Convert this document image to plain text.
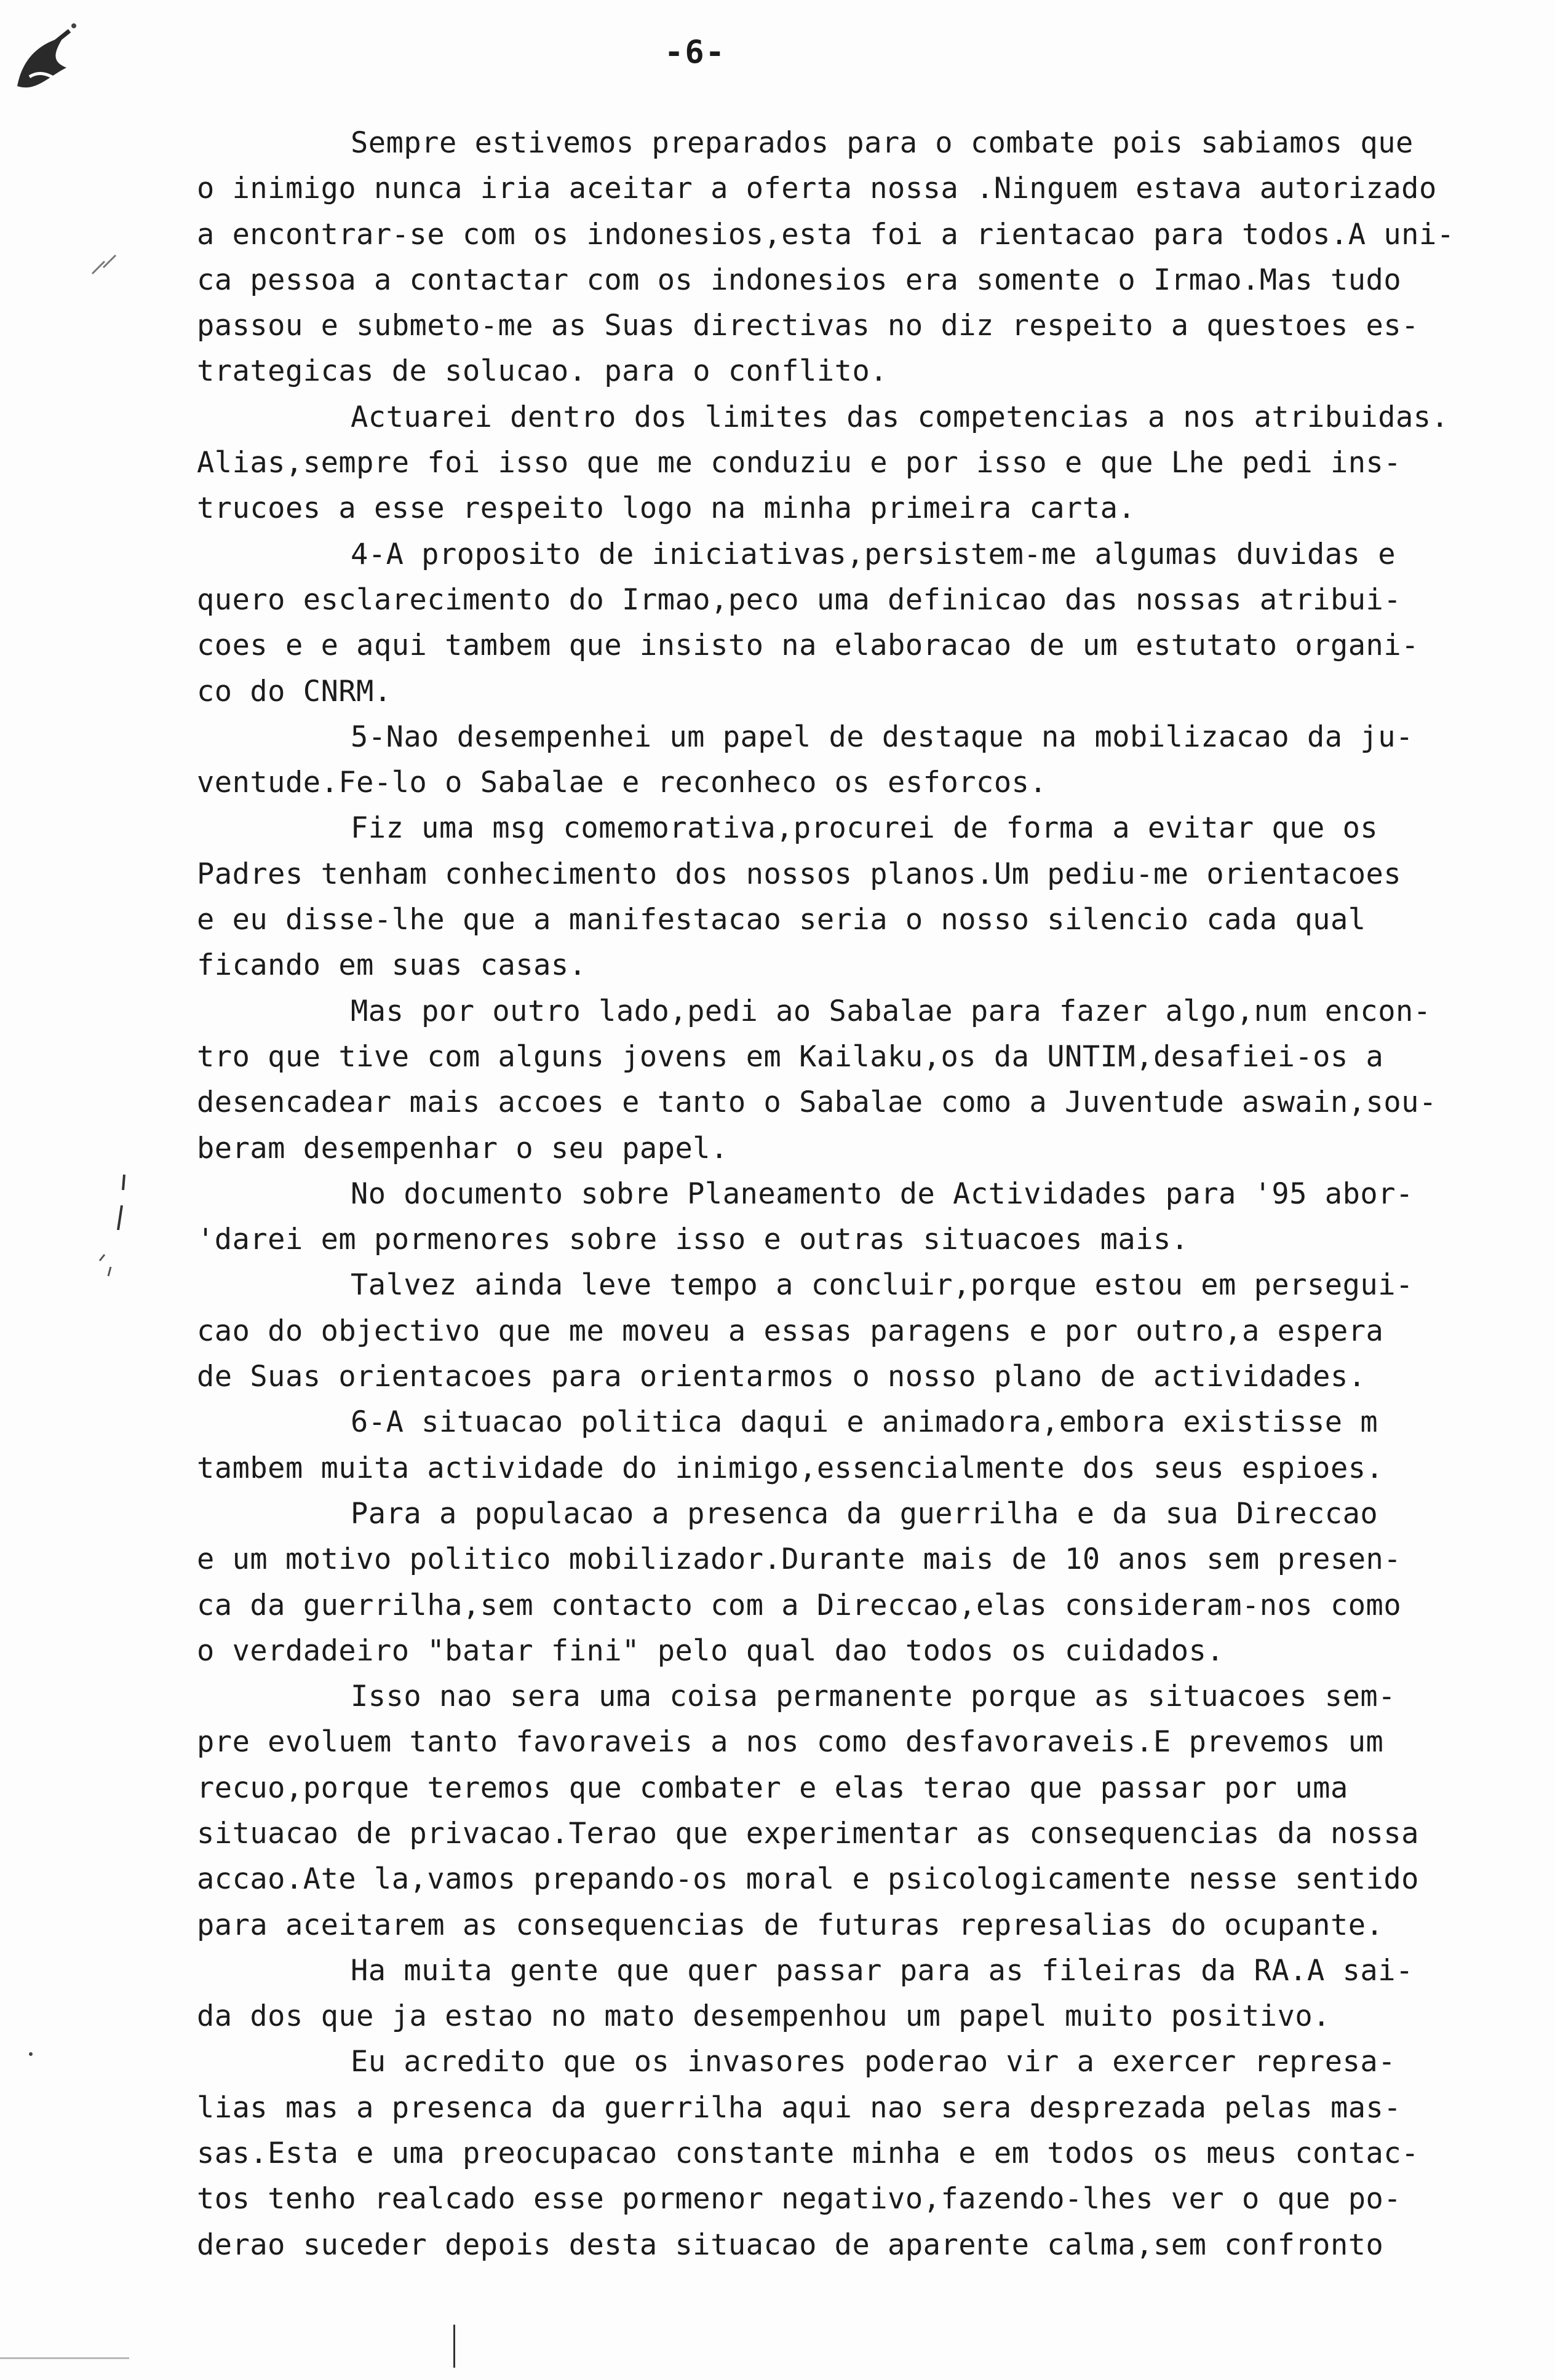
-6-
Sempre estivemos preparados para o combate pois sabiamos que
o inimigo nunca iria aceitar a oferta nossa .Ninguem estava autorizado
a encontrar-se com os indonesios,esta foi a rientacao para todos.A uni-
ca pessoa a contactar com os indonesios era somente o Irmao.Mas tudo
passou e submeto-me as Suas directivas no diz respeito a questoes es-
trategicas de solucao. para o conflito.
Actuarei dentro dos limites das competencias a nos atribuidas.
Alias,sempre foi isso que me conduziu e por isso e que Lhe pedi ins-
trucoes a esse respeito logo na minha primeira carta.
4-A proposito de iniciativas,persistem-me algumas duvidas e
quero esclarecimento do Irmao,peco uma definicao das nossas atribui-
coes e e aqui tambem que insisto na elaboracao de um estutato organi-
co do CNRM.
5-Nao desempenhei um papel de destaque na mobilizacao da ju-
ventude.Fe-lo o Sabalae e reconheco os esforcos.
Fiz uma msg comemorativa,procurei de forma a evitar que os
Padres tenham conhecimento dos nossos planos.Um pediu-me orientacoes
e eu disse-lhe que a manifestacao seria o nosso silencio cada qual
ficando em suas casas.
Mas por outro lado,pedi ao Sabalae para fazer algo,num encon-
tro que tive com alguns jovens em Kailaku,os da UNTIM,desafiei-os a
desencadear mais accoes e tanto o Sabalae como a Juventude aswain,sou-
beram desempenhar o seu papel.
No documento sobre Planeamento de Actividades para '95 abor-
'darei em pormenores sobre isso e outras situacoes mais.
Talvez ainda leve tempo a concluir,porque estou em persegui-
cao do objectivo que me moveu a essas paragens e por outro,a espera
de Suas orientacoes para orientarmos o nosso plano de actividades.
6-A situacao politica daqui e animadora,embora existisse m
tambem muita actividade do inimigo,essencialmente dos seus espioes.
Para a populacao a presenca da guerrilha e da sua Direccao
e um motivo politico mobilizador.Durante mais de 10 anos sem presen-
ca da guerrilha,sem contacto com a Direccao,elas consideram-nos como
o verdadeiro "batar fini" pelo qual dao todos os cuidados.
Isso nao sera uma coisa permanente porque as situacoes sem-
pre evoluem tanto favoraveis a nos como desfavoraveis.E prevemos um
recuo,porque teremos que combater e elas terao que passar por uma
situacao de privacao.Terao que experimentar as consequencias da nossa
accao.Ate la,vamos prepando-os moral e psicologicamente nesse sentido
para aceitarem as consequencias de futuras represalias do ocupante.
Ha muita gente que quer passar para as fileiras da RA.A sai-
da dos que ja estao no mato desempenhou um papel muito positivo.
Eu acredito que os invasores poderao vir a exercer represa-
lias mas a presenca da guerrilha aqui nao sera desprezada pelas mas-
sas.Esta e uma preocupacao constante minha e em todos os meus contac-
tos tenho realcado esse pormenor negativo,fazendo-lhes ver o que po-
derao suceder depois desta situacao de aparente calma,sem confronto
